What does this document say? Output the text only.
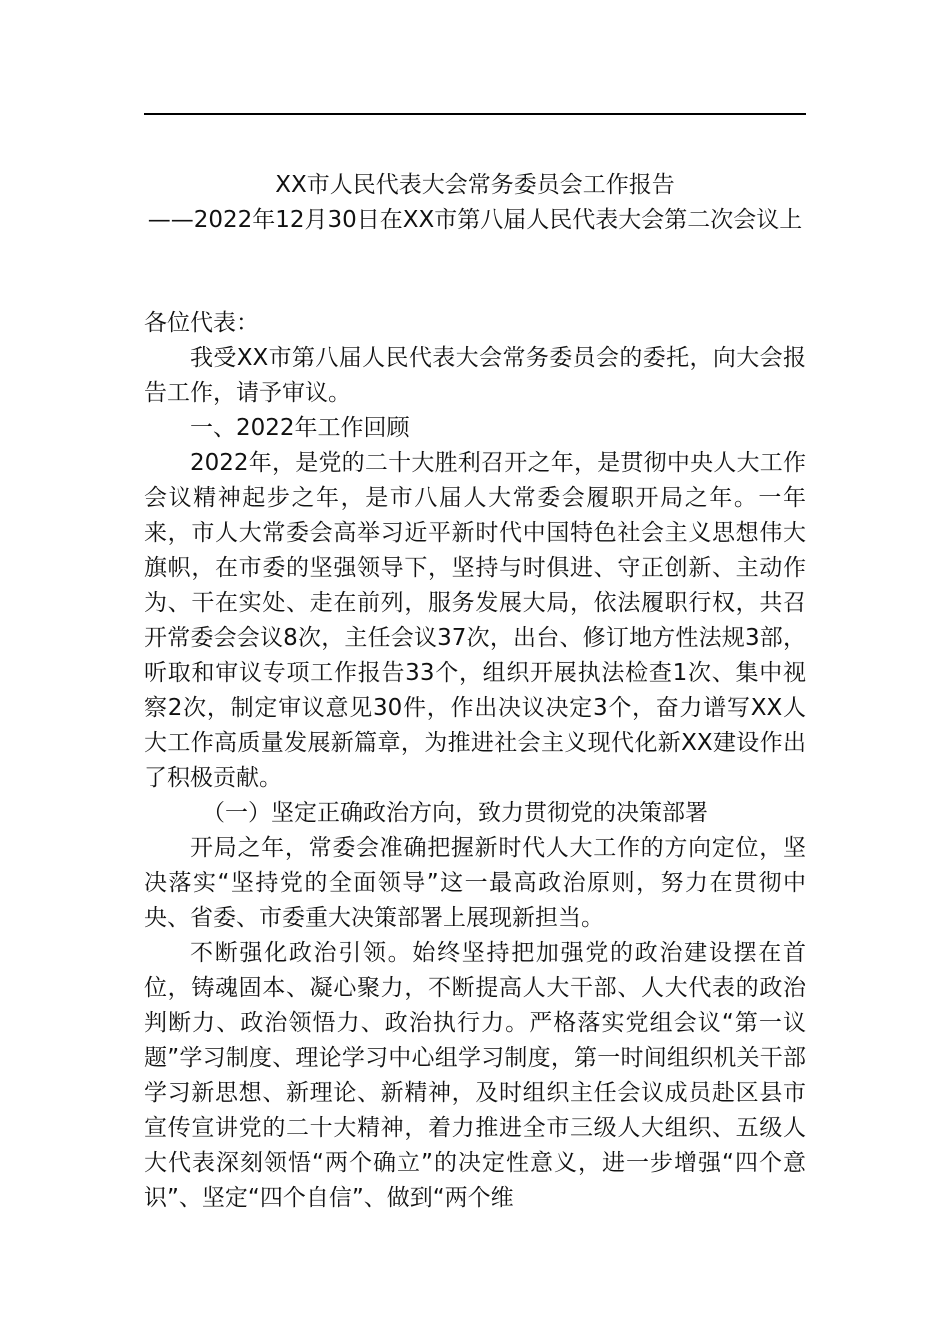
XX市人民代表大会常务委员会工作报告
——2022年12月30日在XX市第八届人民代表大会第二次会议上

各位代表：

我受XX市第八届人民代表大会常务委员会的委托，向大会报告工作，请予审议。

一、2022年工作回顾

2022年，是党的二十大胜利召开之年，是贯彻中央人大工作会议精神起步之年，是市八届人大常委会履职开局之年。一年来，市人大常委会高举习近平新时代中国特色社会主义思想伟大旗帜，在市委的坚强领导下，坚持与时俱进、守正创新、主动作为、干在实处、走在前列，服务发展大局，依法履职行权，共召开常委会会议8次，主任会议37次，出台、修订地方性法规3部，听取和审议专项工作报告33个，组织开展执法检查1次、集中视察2次，制定审议意见30件，作出决议决定3个，奋力谱写XX人大工作高质量发展新篇章，为推进社会主义现代化新XX建设作出了积极贡献。

（一）坚定正确政治方向，致力贯彻党的决策部署

开局之年，常委会准确把握新时代人大工作的方向定位，坚决落实“坚持党的全面领导”这一最高政治原则，努力在贯彻中央、省委、市委重大决策部署上展现新担当。

不断强化政治引领。始终坚持把加强党的政治建设摆在首位，铸魂固本、凝心聚力，不断提高人大干部、人大代表的政治判断力、政治领悟力、政治执行力。严格落实党组会议“第一议题”学习制度、理论学习中心组学习制度，第一时间组织机关干部学习新思想、新理论、新精神，及时组织主任会议成员赴区县市宣传宣讲党的二十大精神，着力推进全市三级人大组织、五级人大代表深刻领悟“两个确立”的决定性意义，进一步增强“四个意识”、坚定“四个自信”、做到“两个维
